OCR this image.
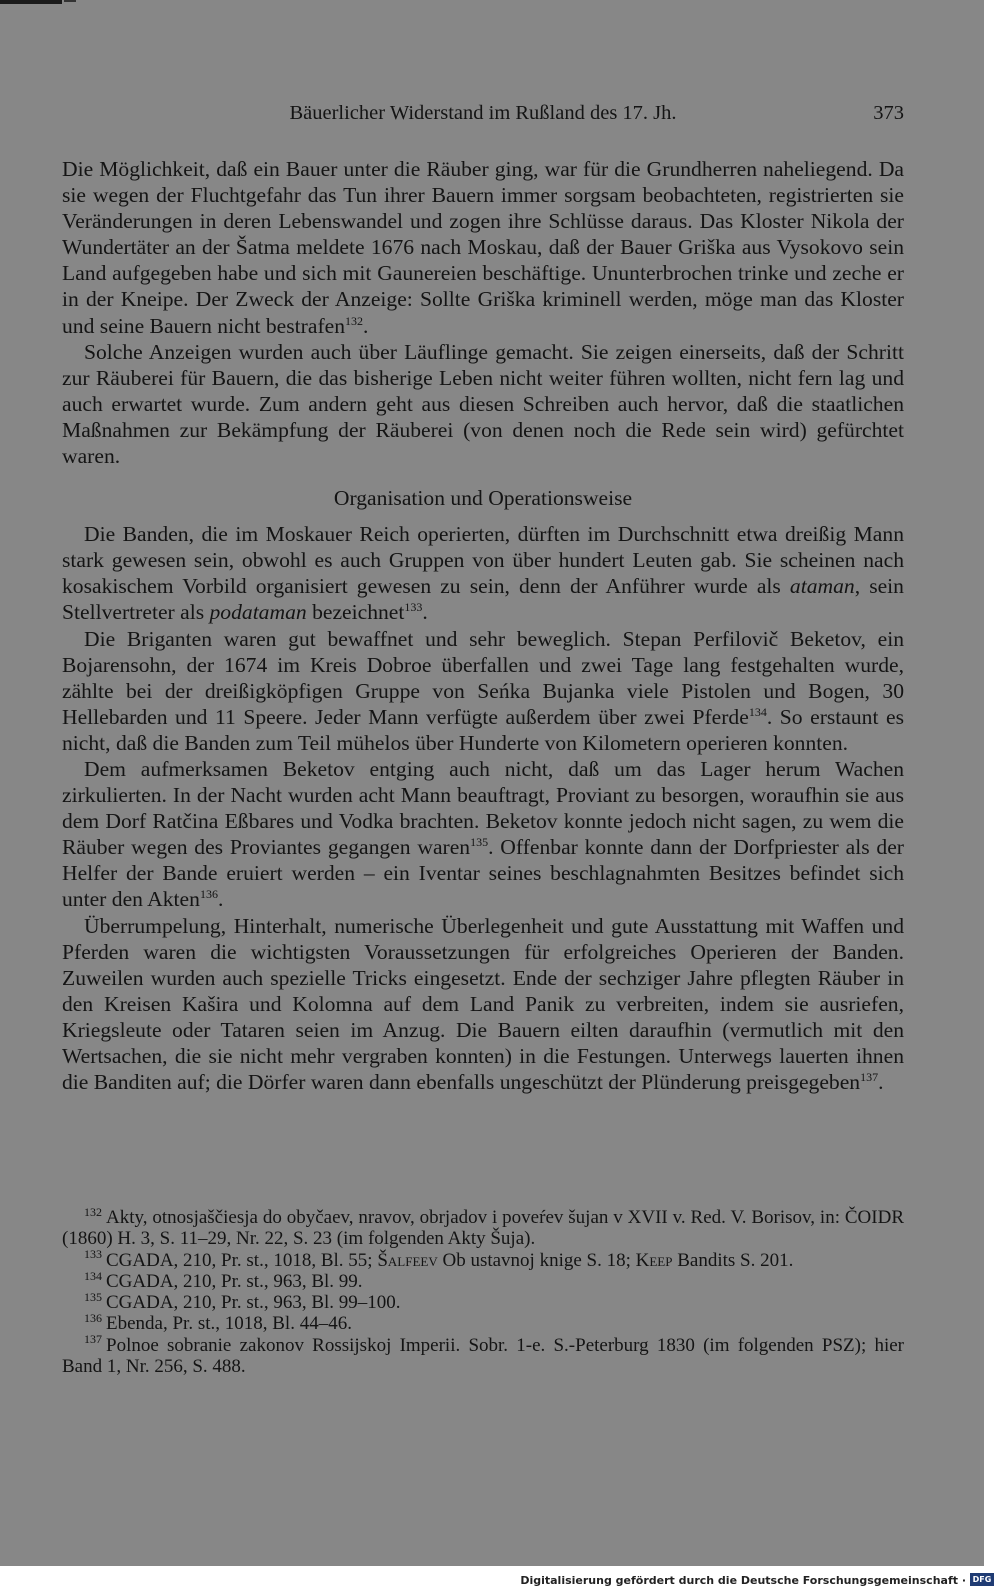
Bäuerlicher Widerstand im Rußland des 17. Jh.	373

Die Möglichkeit, daß ein Bauer unter die Räuber ging, war für die Grundherren naheliegend. Da sie wegen der Fluchtgefahr das Tun ihrer Bauern immer sorgsam beobachteten, registrierten sie Veränderungen in deren Lebenswandel und zogen ihre Schlüsse daraus. Das Kloster Nikola der Wundertäter an der Šatma meldete 1676 nach Moskau, daß der Bauer Griška aus Vysokovo sein Land aufgegeben habe und sich mit Gaunereien beschäftige. Ununterbrochen trinke und zeche er in der Kneipe. Der Zweck der Anzeige: Sollte Griška kriminell werden, möge man das Kloster und seine Bauern nicht bestrafen$^{132}$.

Solche Anzeigen wurden auch über Läuflinge gemacht. Sie zeigen einerseits, daß der Schritt zur Räuberei für Bauern, die das bisherige Leben nicht weiter führen wollten, nicht fern lag und auch erwartet wurde. Zum andern geht aus diesen Schreiben auch hervor, daß die staatlichen Maßnahmen zur Bekämpfung der Räuberei (von denen noch die Rede sein wird) gefürchtet waren.

Organisation und Operationsweise

Die Banden, die im Moskauer Reich operierten, dürften im Durchschnitt etwa dreißig Mann stark gewesen sein, obwohl es auch Gruppen von über hundert Leuten gab. Sie scheinen nach kosakischem Vorbild organisiert gewesen zu sein, denn der Anführer wurde als ataman, sein Stellvertreter als podataman bezeichnet$^{133}$.

Die Briganten waren gut bewaffnet und sehr beweglich. Stepan Perfilovič Beketov, ein Bojarensohn, der 1674 im Kreis Dobroe überfallen und zwei Tage lang festgehalten wurde, zählte bei der dreißigköpfigen Gruppe von Seńka Bujanka viele Pistolen und Bogen, 30 Hellebarden und 11 Speere. Jeder Mann verfügte außerdem über zwei Pferde$^{134}$. So erstaunt es nicht, daß die Banden zum Teil mühelos über Hunderte von Kilometern operieren konnten.

Dem aufmerksamen Beketov entging auch nicht, daß um das Lager herum Wachen zirkulierten. In der Nacht wurden acht Mann beauftragt, Proviant zu besorgen, woraufhin sie aus dem Dorf Ratčina Eßbares und Vodka brachten. Beketov konnte jedoch nicht sagen, zu wem die Räuber wegen des Proviantes gegangen waren$^{135}$. Offenbar konnte dann der Dorfpriester als der Helfer der Bande eruiert werden – ein Iventar seines beschlagnahmten Besitzes befindet sich unter den Akten$^{136}$.

Überrumpelung, Hinterhalt, numerische Überlegenheit und gute Ausstattung mit Waffen und Pferden waren die wichtigsten Voraussetzungen für erfolgreiches Operieren der Banden. Zuweilen wurden auch spezielle Tricks eingesetzt. Ende der sechziger Jahre pflegten Räuber in den Kreisen Kašira und Kolomna auf dem Land Panik zu verbreiten, indem sie ausriefen, Kriegsleute oder Tataren seien im Anzug. Die Bauern eilten daraufhin (vermutlich mit den Wertsachen, die sie nicht mehr vergraben konnten) in die Festungen. Unterwegs lauerten ihnen die Banditen auf; die Dörfer waren dann ebenfalls ungeschützt der Plünderung preisgegeben$^{137}$.

$^{132}$ Akty, otnosjaščiesja do obyčaev, nravov, obrjadov i poveŕev šujan v XVII v. Red. V. Borisov, in: ČOIDR (1860) H. 3, S. 11–29, Nr. 22, S. 23 (im folgenden Akty Šuja).

$^{133}$ CGADA, 210, Pr. st., 1018, Bl. 55; Šalfeev Ob ustavnoj knige S. 18; Keep Bandits S. 201.

$^{134}$ CGADA, 210, Pr. st., 963, Bl. 99.

$^{135}$ CGADA, 210, Pr. st., 963, Bl. 99–100.

$^{136}$ Ebenda, Pr. st., 1018, Bl. 44–46.

$^{137}$ Polnoe sobranie zakonov Rossijskoj Imperii. Sobr. 1-e. S.-Peterburg 1830 (im folgenden PSZ); hier Band 1, Nr. 256, S. 488.

Digitalisierung gefördert durch die Deutsche Forschungsgemeinschaft · DFG
